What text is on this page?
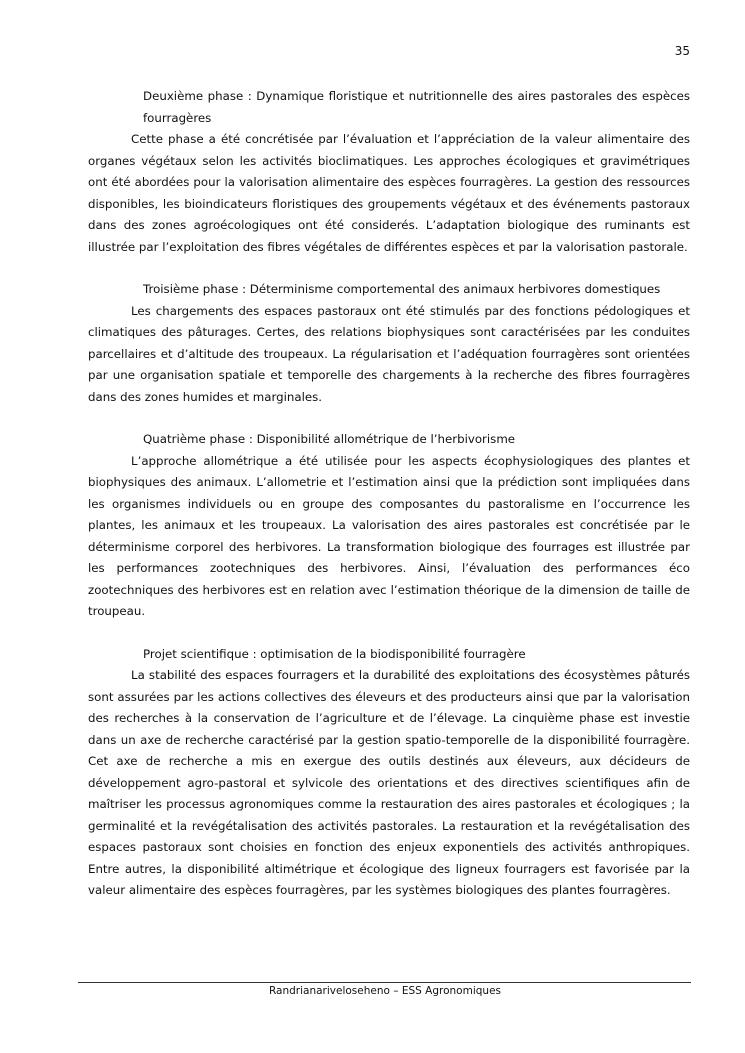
35

Deuxième phase : Dynamique floristique et nutritionnelle des aires pastorales des espèces fourragères

Cette phase a été concrétisée par l’évaluation et l’appréciation de la valeur alimentaire des organes végétaux selon les activités bioclimatiques. Les approches écologiques et gravimétriques ont été abordées pour la valorisation alimentaire des espèces fourragères. La gestion des ressources disponibles, les bioindicateurs floristiques des groupements végétaux et des événements pastoraux dans des zones agroécologiques ont été considerés. L’adaptation biologique des ruminants est illustrée par l’exploitation des fibres végétales de différentes espèces et par la valorisation pastorale.

Troisième phase : Déterminisme comportemental des animaux herbivores domestiques

Les chargements des espaces pastoraux ont été stimulés par des fonctions pédologiques et climatiques des pâturages. Certes, des relations biophysiques sont caractérisées par les conduites parcellaires et d’altitude des troupeaux. La régularisation et l’adéquation fourragères sont orientées par une organisation spatiale et temporelle des chargements à la recherche des fibres fourragères dans des zones humides et marginales.

Quatrième phase : Disponibilité allométrique de l’herbivorisme

L’approche allométrique a été utilisée pour les aspects écophysiologiques des plantes et biophysiques des animaux. L’allometrie et l’estimation ainsi que la prédiction sont impliquées dans les organismes individuels ou en groupe des composantes du pastoralisme en l’occurrence les plantes, les animaux et les troupeaux. La valorisation des aires pastorales est concrétisée par le déterminisme corporel des herbivores. La transformation biologique des fourrages est illustrée par les performances zootechniques des herbivores. Ainsi, l’évaluation des performances éco zootechniques des herbivores est en relation avec l’estimation théorique de la dimension de taille de troupeau.

Projet scientifique : optimisation de la biodisponibilité fourragère

La stabilité des espaces fourragers et la durabilité des exploitations des écosystèmes pâturés sont assurées par les actions collectives des éleveurs et des producteurs ainsi que par la valorisation des recherches à la conservation de l’agriculture et de l’élevage. La cinquième phase est investie dans un axe de recherche caractérisé par la gestion spatio-temporelle de la disponibilité fourragère. Cet axe de recherche a mis en exergue des outils destinés aux éleveurs, aux décideurs de développement agro-pastoral et sylvicole des orientations et des directives scientifiques afin de maîtriser les processus agronomiques comme la restauration des aires pastorales et écologiques ; la germinalité et la revégétalisation des activités pastorales. La restauration et la revégétalisation des espaces pastoraux sont choisies en fonction des enjeux exponentiels des activités anthropiques. Entre autres, la disponibilité altimétrique et écologique des ligneux fourragers est favorisée par la valeur alimentaire des espèces fourragères, par les systèmes biologiques des plantes fourragères.

Randrianariveloseheno – ESS Agronomiques
